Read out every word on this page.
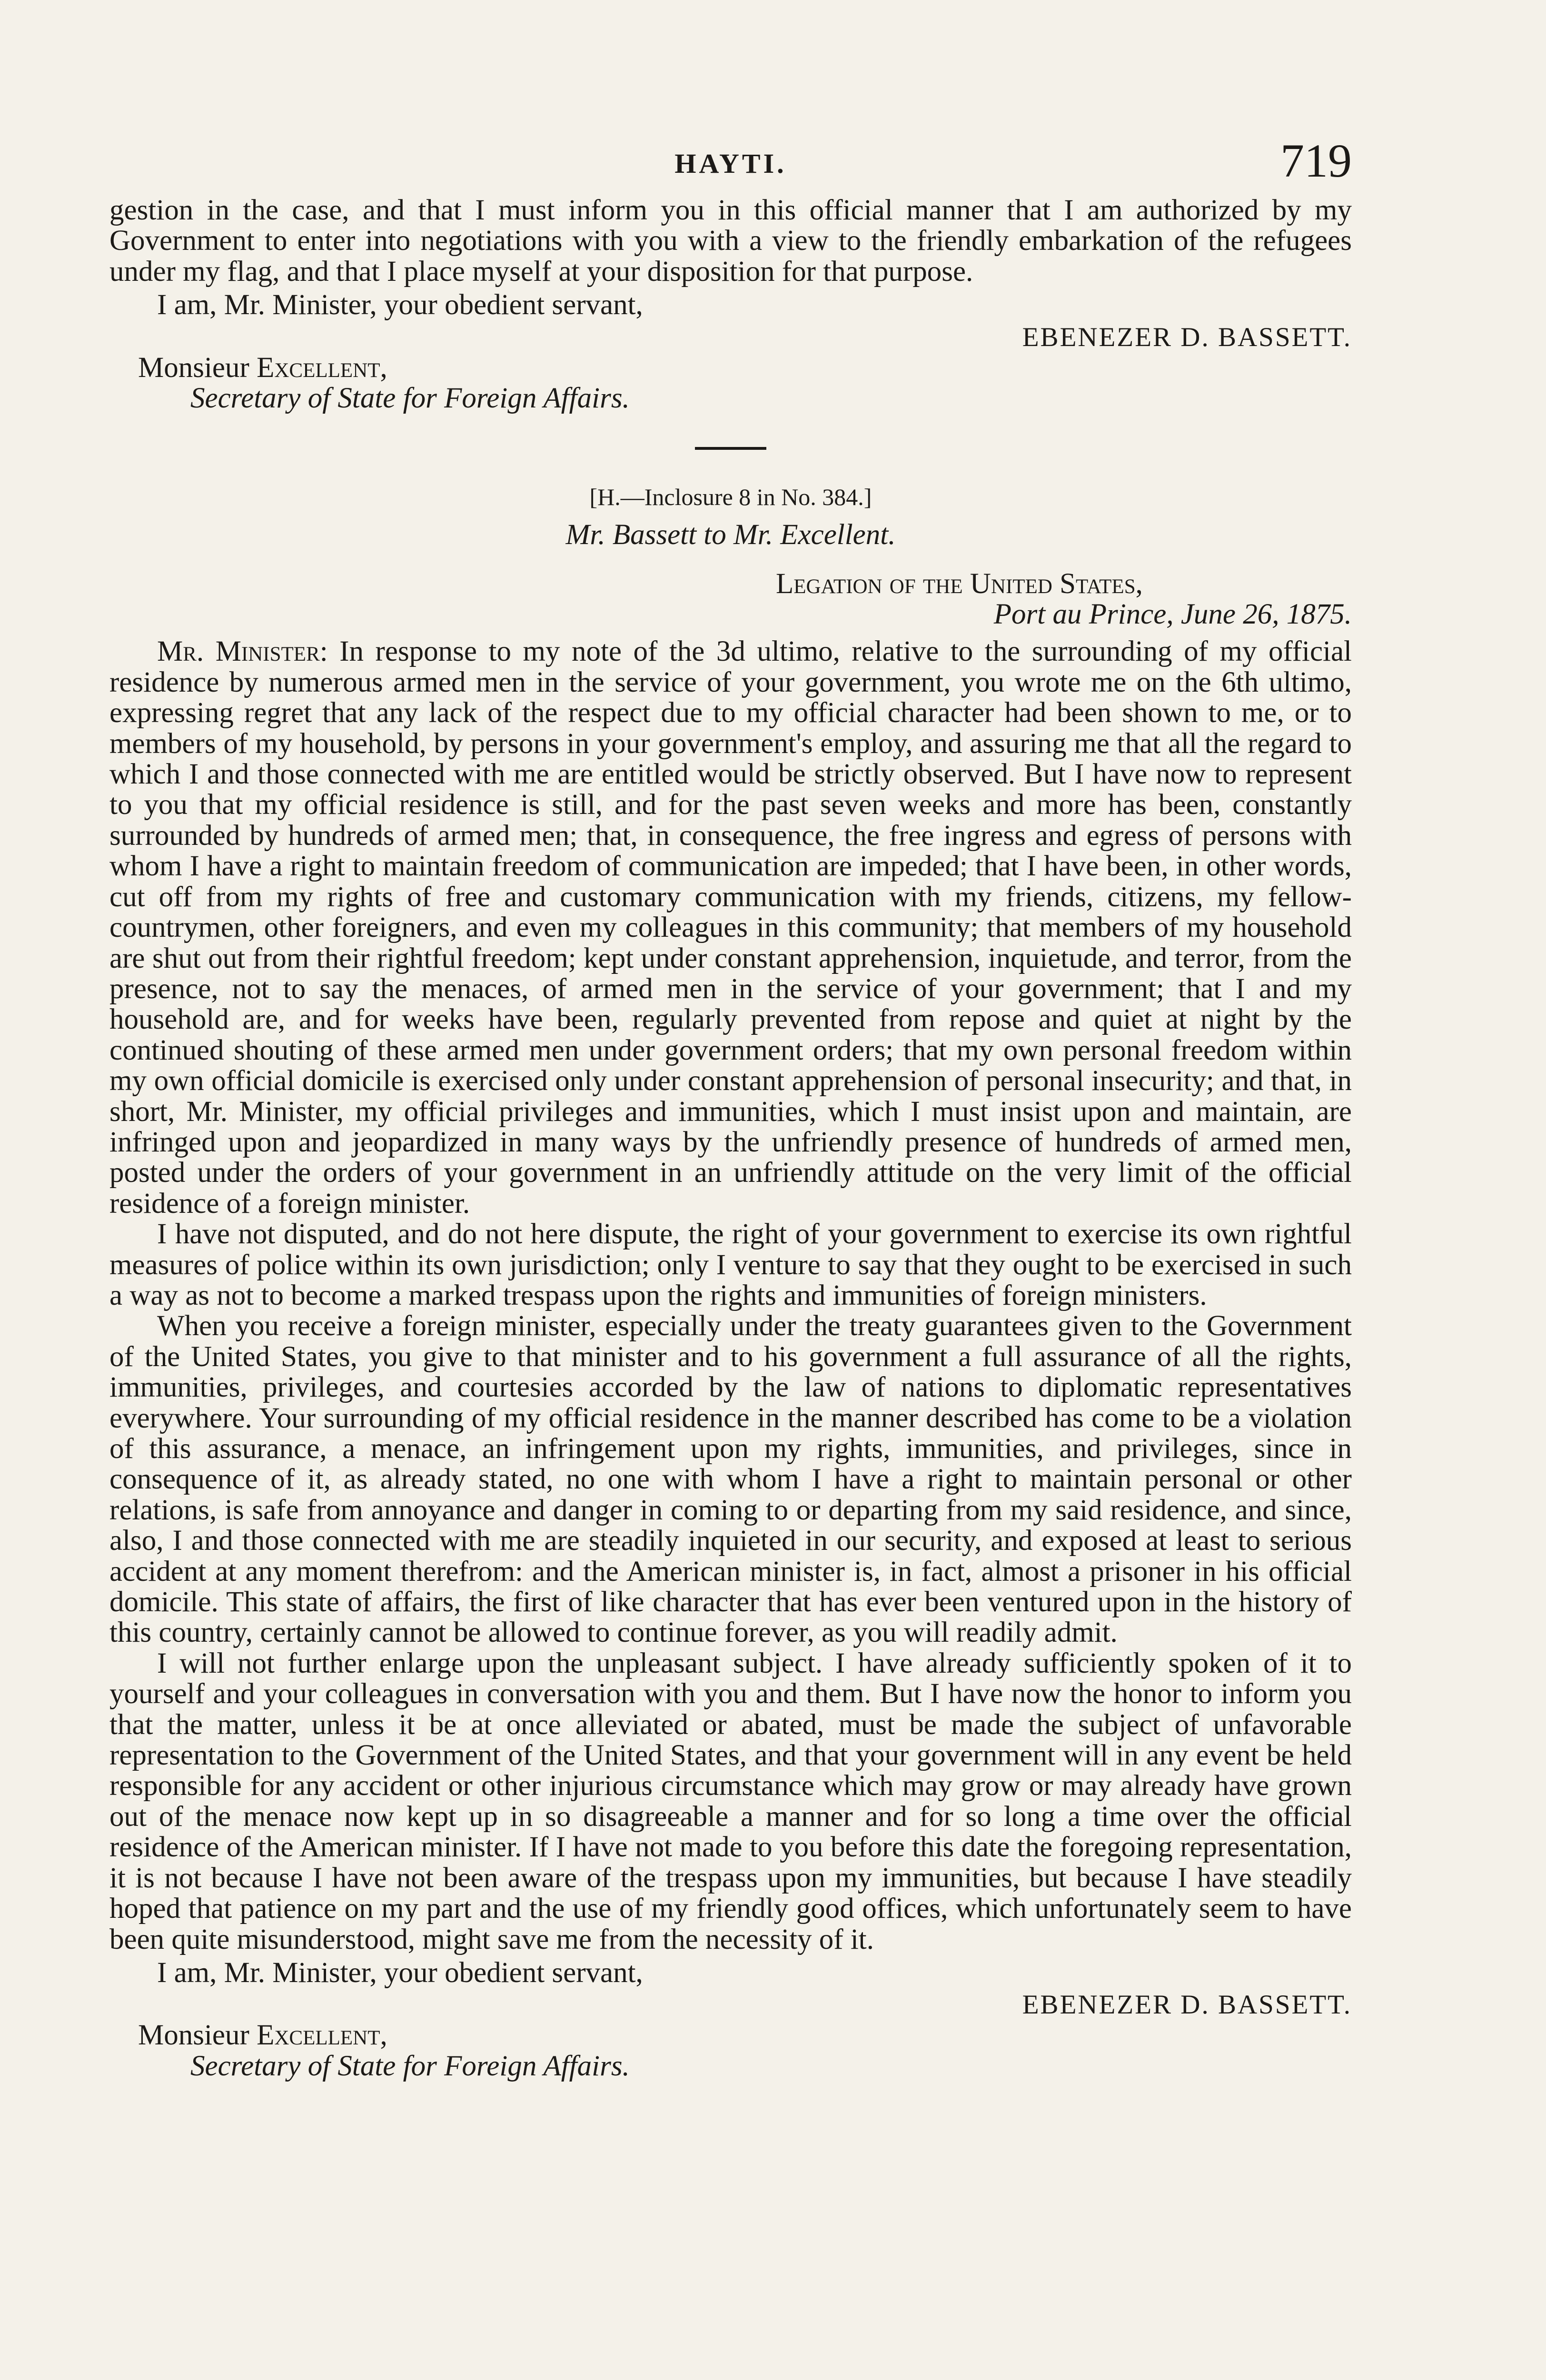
HAYTI.	719

gestion in the case, and that I must inform you in this official manner that I am authorized by my Government to enter into negotiations with you with a view to the friendly embarkation of the refugees under my flag, and that I place myself at your disposition for that purpose.

I am, Mr. Minister, your obedient servant,

EBENEZER D. BASSETT.
Monsieur Excellent,
Secretary of State for Foreign Affairs.
[H.—Inclosure 8 in No. 384.]
Mr. Bassett to Mr. Excellent.
Legation of the United States,
Port au Prince, June 26, 1875.

Mr. Minister: In response to my note of the 3d ultimo, relative to the surrounding of my official residence by numerous armed men in the service of your government, you wrote me on the 6th ultimo, expressing regret that any lack of the respect due to my official character had been shown to me, or to members of my household, by persons in your government's employ, and assuring me that all the regard to which I and those connected with me are entitled would be strictly observed. But I have now to represent to you that my official residence is still, and for the past seven weeks and more has been, constantly surrounded by hundreds of armed men; that, in consequence, the free ingress and egress of persons with whom I have a right to maintain freedom of communication are impeded; that I have been, in other words, cut off from my rights of free and customary communication with my friends, citizens, my fellow-countrymen, other foreigners, and even my colleagues in this community; that members of my household are shut out from their rightful freedom; kept under constant apprehension, inquietude, and terror, from the presence, not to say the menaces, of armed men in the service of your government; that I and my household are, and for weeks have been, regularly prevented from repose and quiet at night by the continued shouting of these armed men under government orders; that my own personal freedom within my own official domicile is exercised only under constant apprehension of personal insecurity; and that, in short, Mr. Minister, my official privileges and immunities, which I must insist upon and maintain, are infringed upon and jeopardized in many ways by the unfriendly presence of hundreds of armed men, posted under the orders of your government in an unfriendly attitude on the very limit of the official residence of a foreign minister.

I have not disputed, and do not here dispute, the right of your government to exercise its own rightful measures of police within its own jurisdiction; only I venture to say that they ought to be exercised in such a way as not to become a marked trespass upon the rights and immunities of foreign ministers.

When you receive a foreign minister, especially under the treaty guarantees given to the Government of the United States, you give to that minister and to his government a full assurance of all the rights, immunities, privileges, and courtesies accorded by the law of nations to diplomatic representatives everywhere. Your surrounding of my official residence in the manner described has come to be a violation of this assurance, a menace, an infringement upon my rights, immunities, and privileges, since in consequence of it, as already stated, no one with whom I have a right to maintain personal or other relations, is safe from annoyance and danger in coming to or departing from my said residence, and since, also, I and those connected with me are steadily inquieted in our security, and exposed at least to serious accident at any moment therefrom: and the American minister is, in fact, almost a prisoner in his official domicile. This state of affairs, the first of like character that has ever been ventured upon in the history of this country, certainly cannot be allowed to continue forever, as you will readily admit.

I will not further enlarge upon the unpleasant subject. I have already sufficiently spoken of it to yourself and your colleagues in conversation with you and them. But I have now the honor to inform you that the matter, unless it be at once alleviated or abated, must be made the subject of unfavorable representation to the Government of the United States, and that your government will in any event be held responsible for any accident or other injurious circumstance which may grow or may already have grown out of the menace now kept up in so disagreeable a manner and for so long a time over the official residence of the American minister. If I have not made to you before this date the foregoing representation, it is not because I have not been aware of the trespass upon my immunities, but because I have steadily hoped that patience on my part and the use of my friendly good offices, which unfortunately seem to have been quite misunderstood, might save me from the necessity of it.

I am, Mr. Minister, your obedient servant,

EBENEZER D. BASSETT.
Monsieur Excellent,
Secretary of State for Foreign Affairs.
